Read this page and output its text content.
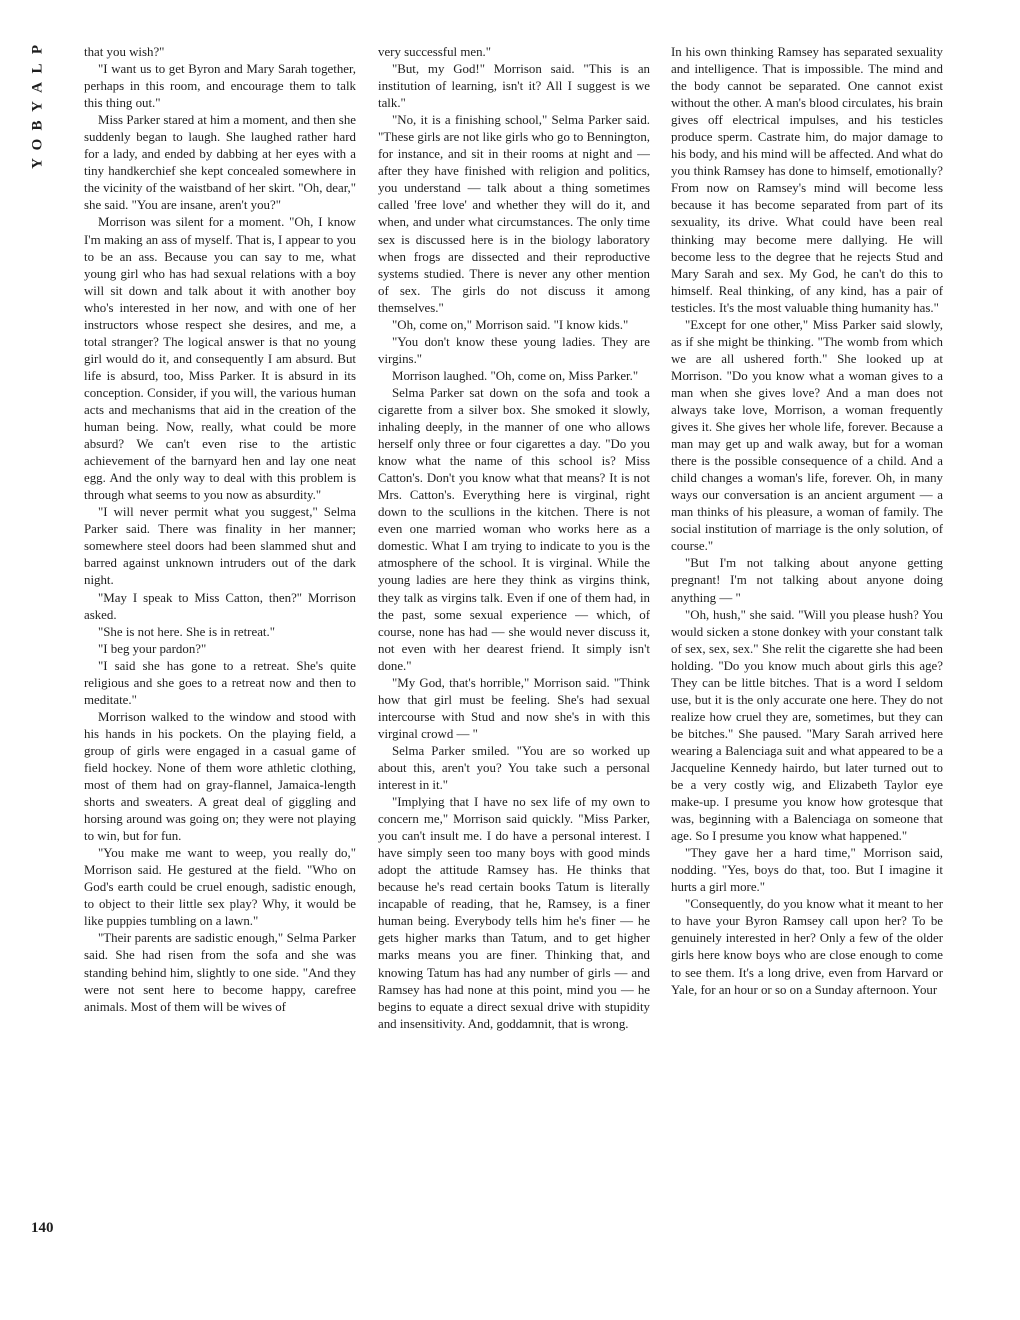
P
L
A
Y
B
O
Y

that you wish?"

"I want us to get Byron and Mary Sarah together, perhaps in this room, and encourage them to talk this thing out."

Miss Parker stared at him a moment, and then she suddenly began to laugh. She laughed rather hard for a lady, and ended by dabbing at her eyes with a tiny handkerchief she kept concealed somewhere in the vicinity of the waistband of her skirt. "Oh, dear," she said. "You are insane, aren't you?"

Morrison was silent for a moment. "Oh, I know I'm making an ass of myself. That is, I appear to you to be an ass. Because you can say to me, what young girl who has had sexual relations with a boy will sit down and talk about it with another boy who's interested in her now, and with one of her instructors whose respect she desires, and me, a total stranger? The logical answer is that no young girl would do it, and consequently I am absurd. But life is absurd, too, Miss Parker. It is absurd in its conception. Consider, if you will, the various human acts and mechanisms that aid in the creation of the human being. Now, really, what could be more absurd? We can't even rise to the artistic achievement of the barnyard hen and lay one neat egg. And the only way to deal with this problem is through what seems to you now as absurdity."

"I will never permit what you suggest," Selma Parker said. There was finality in her manner; somewhere steel doors had been slammed shut and barred against unknown intruders out of the dark night.

"May I speak to Miss Catton, then?" Morrison asked.

"She is not here. She is in retreat."

"I beg your pardon?"

"I said she has gone to a retreat. She's quite religious and she goes to a retreat now and then to meditate."

Morrison walked to the window and stood with his hands in his pockets. On the playing field, a group of girls were engaged in a casual game of field hockey. None of them wore athletic clothing, most of them had on gray-flannel, Jamaica-length shorts and sweaters. A great deal of giggling and horsing around was going on; they were not playing to win, but for fun.

"You make me want to weep, you really do," Morrison said. He gestured at the field. "Who on God's earth could be cruel enough, sadistic enough, to object to their little sex play? Why, it would be like puppies tumbling on a lawn."

"Their parents are sadistic enough," Selma Parker said. She had risen from the sofa and she was standing behind him, slightly to one side. "And they were not sent here to become happy, carefree animals. Most of them will be wives of

very successful men."

"But, my God!" Morrison said. "This is an institution of learning, isn't it? All I suggest is we talk."

"No, it is a finishing school," Selma Parker said. "These girls are not like girls who go to Bennington, for instance, and sit in their rooms at night and — after they have finished with religion and politics, you understand — talk about a thing sometimes called 'free love' and whether they will do it, and when, and under what circumstances. The only time sex is discussed here is in the biology laboratory when frogs are dissected and their reproductive systems studied. There is never any other mention of sex. The girls do not discuss it among themselves."

"Oh, come on," Morrison said. "I know kids."

"You don't know these young ladies. They are virgins."

Morrison laughed. "Oh, come on, Miss Parker."

Selma Parker sat down on the sofa and took a cigarette from a silver box. She smoked it slowly, inhaling deeply, in the manner of one who allows herself only three or four cigarettes a day. "Do you know what the name of this school is? Miss Catton's. Don't you know what that means? It is not Mrs. Catton's. Everything here is virginal, right down to the scullions in the kitchen. There is not even one married woman who works here as a domestic. What I am trying to indicate to you is the atmosphere of the school. It is virginal. While the young ladies are here they think as virgins think, they talk as virgins talk. Even if one of them had, in the past, some sexual experience — which, of course, none has had — she would never discuss it, not even with her dearest friend. It simply isn't done."

"My God, that's horrible," Morrison said. "Think how that girl must be feeling. She's had sexual intercourse with Stud and now she's in with this virginal crowd — "

Selma Parker smiled. "You are so worked up about this, aren't you? You take such a personal interest in it."

"Implying that I have no sex life of my own to concern me," Morrison said quickly. "Miss Parker, you can't insult me. I do have a personal interest. I have simply seen too many boys with good minds adopt the attitude Ramsey has. He thinks that because he's read certain books Tatum is literally incapable of reading, that he, Ramsey, is a finer human being. Everybody tells him he's finer — he gets higher marks than Tatum, and to get higher marks means you are finer. Thinking that, and knowing Tatum has had any number of girls — and Ramsey has had none at this point, mind you — he begins to equate a direct sexual drive with stupidity and insensitivity. And, goddamnit, that is wrong.

In his own thinking Ramsey has separated sexuality and intelligence. That is impossible. The mind and the body cannot be separated. One cannot exist without the other. A man's blood circulates, his brain gives off electrical impulses, and his testicles produce sperm. Castrate him, do major damage to his body, and his mind will be affected. And what do you think Ramsey has done to himself, emotionally? From now on Ramsey's mind will become less because it has become separated from part of its sexuality, its drive. What could have been real thinking may become mere dallying. He will become less to the degree that he rejects Stud and Mary Sarah and sex. My God, he can't do this to himself. Real thinking, of any kind, has a pair of testicles. It's the most valuable thing humanity has."

"Except for one other," Miss Parker said slowly, as if she might be thinking. "The womb from which we are all ushered forth." She looked up at Morrison. "Do you know what a woman gives to a man when she gives love? And a man does not always take love, Morrison, a woman frequently gives it. She gives her whole life, forever. Because a man may get up and walk away, but for a woman there is the possible consequence of a child. And a child changes a woman's life, forever. Oh, in many ways our conversation is an ancient argument — a man thinks of his pleasure, a woman of family. The social institution of marriage is the only solution, of course."

"But I'm not talking about anyone getting pregnant! I'm not talking about anyone doing anything — "

"Oh, hush," she said. "Will you please hush? You would sicken a stone donkey with your constant talk of sex, sex, sex." She relit the cigarette she had been holding. "Do you know much about girls this age? They can be little bitches. That is a word I seldom use, but it is the only accurate one here. They do not realize how cruel they are, sometimes, but they can be bitches." She paused. "Mary Sarah arrived here wearing a Balenciaga suit and what appeared to be a Jacqueline Kennedy hairdo, but later turned out to be a very costly wig, and Elizabeth Taylor eye make-up. I presume you know how grotesque that was, beginning with a Balenciaga on someone that age. So I presume you know what happened."

"They gave her a hard time," Morrison said, nodding. "Yes, boys do that, too. But I imagine it hurts a girl more."

"Consequently, do you know what it meant to her to have your Byron Ramsey call upon her? To be genuinely interested in her? Only a few of the older girls here know boys who are close enough to come to see them. It's a long drive, even from Harvard or Yale, for an hour or so on a Sunday afternoon. Your

140
